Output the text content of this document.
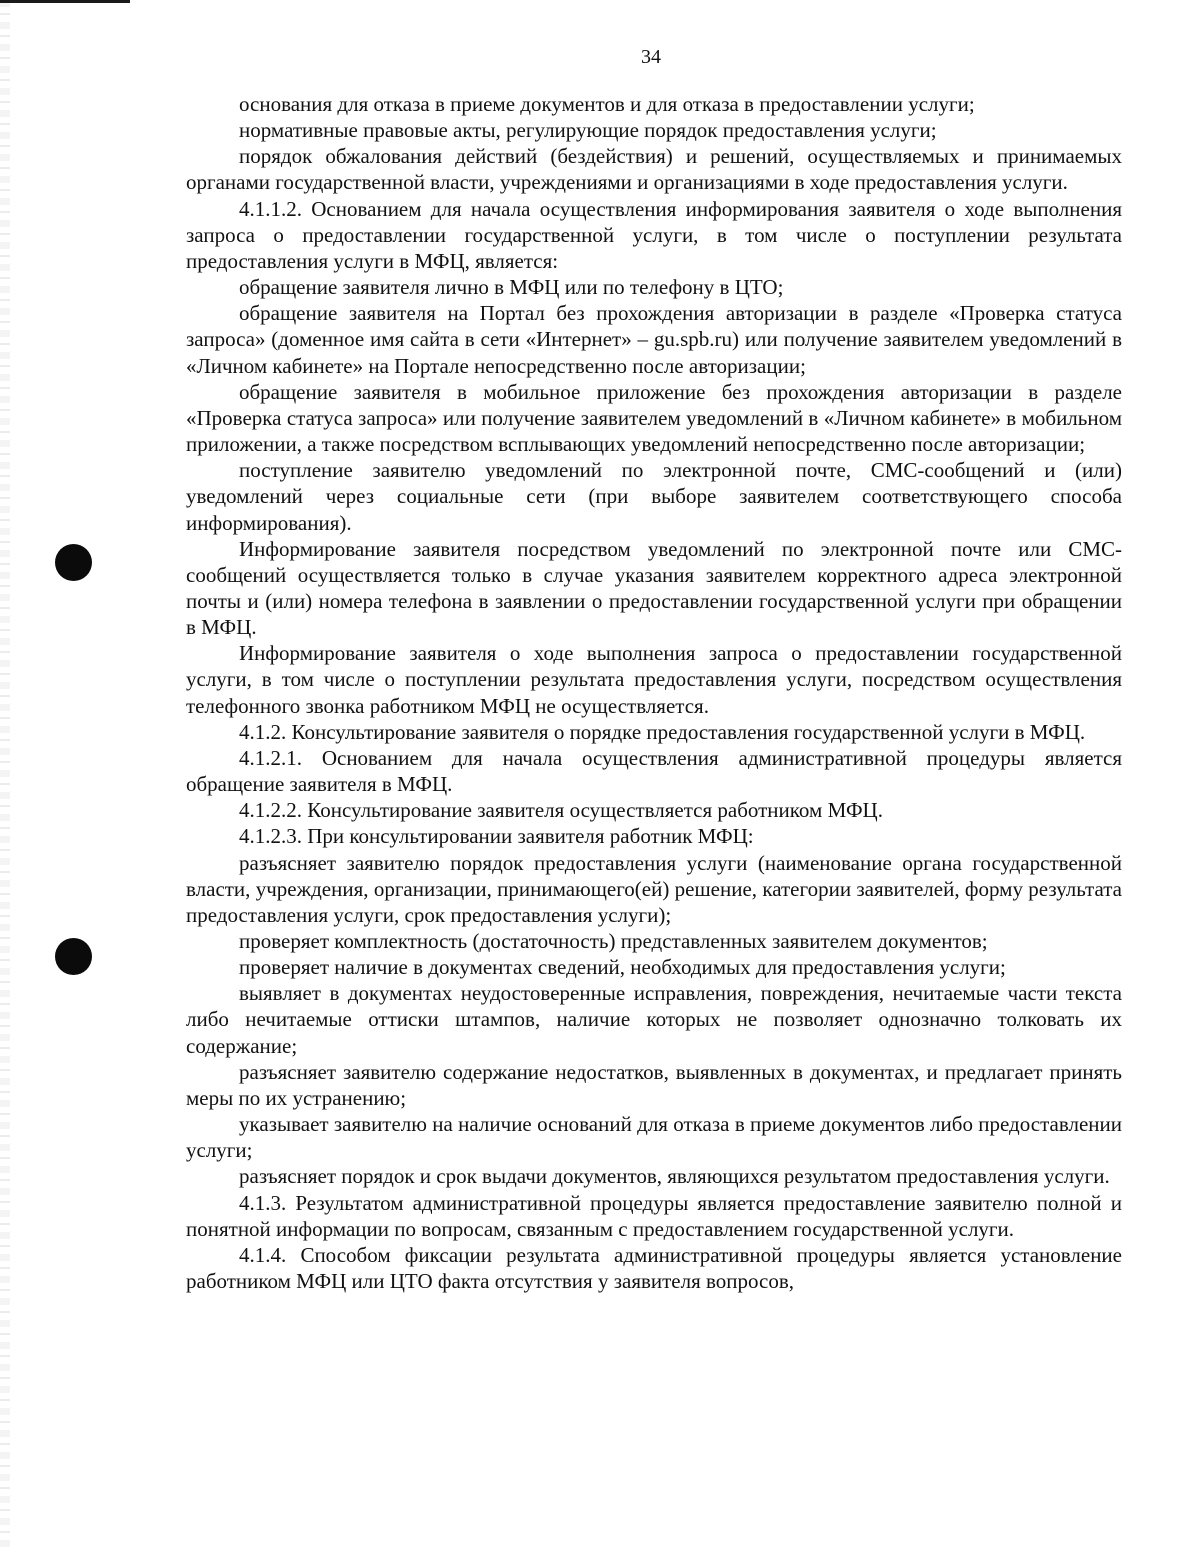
34

основания для отказа в приеме документов и для отказа в предоставлении услуги;

нормативные правовые акты, регулирующие порядок предоставления услуги;

порядок обжалования действий (бездействия) и решений, осуществляемых и принимаемых органами государственной власти, учреждениями и организациями в ходе предоставления услуги.

4.1.1.2. Основанием для начала осуществления информирования заявителя о ходе выполнения запроса о предоставлении государственной услуги, в том числе о поступлении результата предоставления услуги в МФЦ, является:

обращение заявителя лично в МФЦ или по телефону в ЦТО;

обращение заявителя на Портал без прохождения авторизации в разделе «Проверка статуса запроса» (доменное имя сайта в сети «Интернет» – gu.spb.ru) или получение заявителем уведомлений в «Личном кабинете» на Портале непосредственно после авторизации;

обращение заявителя в мобильное приложение без прохождения авторизации в разделе «Проверка статуса запроса» или получение заявителем уведомлений в «Личном кабинете» в мобильном приложении, а также посредством всплывающих уведомлений непосредственно после авторизации;

поступление заявителю уведомлений по электронной почте, СМС-сообщений и (или) уведомлений через социальные сети (при выборе заявителем соответствующего способа информирования).

Информирование заявителя посредством уведомлений по электронной почте или СМС-сообщений осуществляется только в случае указания заявителем корректного адреса электронной почты и (или) номера телефона в заявлении о предоставлении государственной услуги при обращении в МФЦ.

Информирование заявителя о ходе выполнения запроса о предоставлении государственной услуги, в том числе о поступлении результата предоставления услуги, посредством осуществления телефонного звонка работником МФЦ не осуществляется.

4.1.2. Консультирование заявителя о порядке предоставления государственной услуги в МФЦ.

4.1.2.1. Основанием для начала осуществления административной процедуры является обращение заявителя в МФЦ.

4.1.2.2. Консультирование заявителя осуществляется работником МФЦ.

4.1.2.3. При консультировании заявителя работник МФЦ:

разъясняет заявителю порядок предоставления услуги (наименование органа государственной власти, учреждения, организации, принимающего(ей) решение, категории заявителей, форму результата предоставления услуги, срок предоставления услуги);

проверяет комплектность (достаточность) представленных заявителем документов;

проверяет наличие в документах сведений, необходимых для предоставления услуги;

выявляет в документах неудостоверенные исправления, повреждения, нечитаемые части текста либо нечитаемые оттиски штампов, наличие которых не позволяет однозначно толковать их содержание;

разъясняет заявителю содержание недостатков, выявленных в документах, и предлагает принять меры по их устранению;

указывает заявителю на наличие оснований для отказа в приеме документов либо предоставлении услуги;

разъясняет порядок и срок выдачи документов, являющихся результатом предоставления услуги.

4.1.3. Результатом административной процедуры является предоставление заявителю полной и понятной информации по вопросам, связанным с предоставлением государственной услуги.

4.1.4. Способом фиксации результата административной процедуры является установление работником МФЦ или ЦТО факта отсутствия у заявителя вопросов,
